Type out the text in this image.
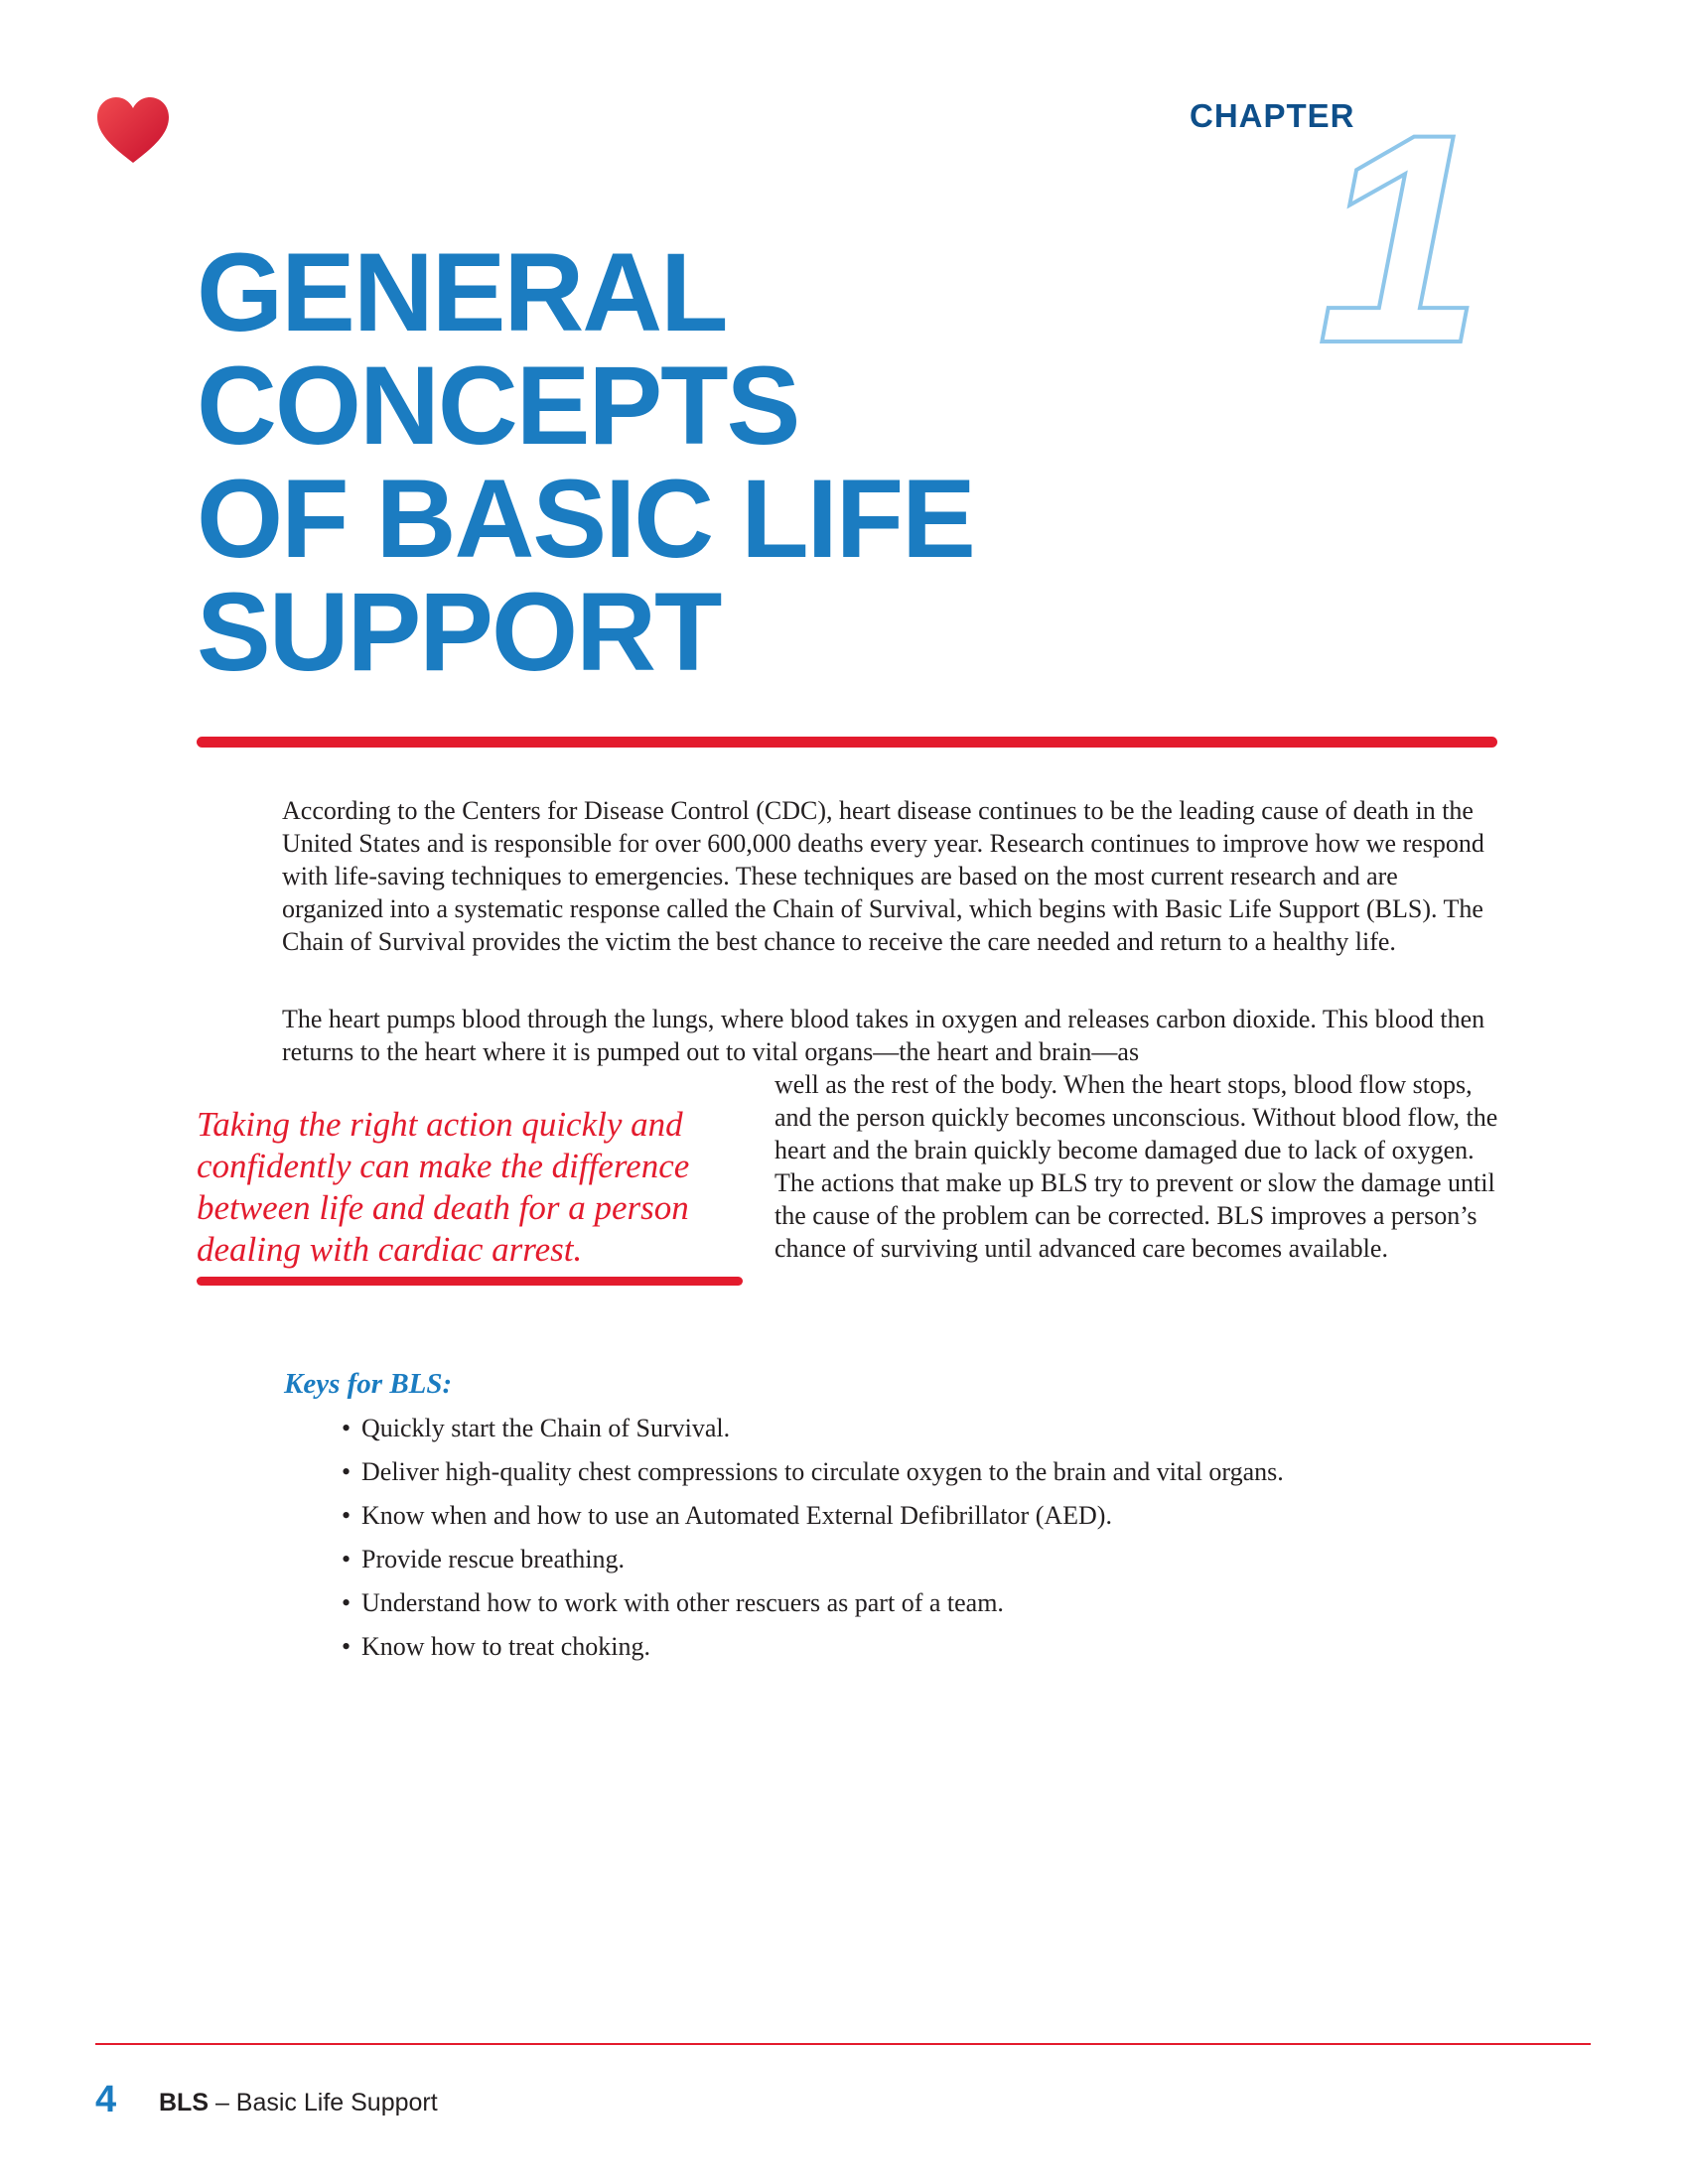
CHAPTER
1
GENERAL
CONCEPTS
OF BASIC LIFE
SUPPORT

According to the Centers for Disease Control (CDC), heart disease continues to be the leading cause of death in the United States and is responsible for over 600,000 deaths every year. Research continues to improve how we respond with life-saving techniques to emergencies. These techniques are based on the most current research and are organized into a systematic response called the Chain of Survival, which begins with Basic Life Support (BLS). The Chain of Survival provides the victim the best chance to receive the care needed and return to a healthy life.

The heart pumps blood through the lungs, where blood takes in oxygen and releases carbon dioxide. This blood then returns to the heart where it is pumped out to vital organs—the heart and brain—as

well as the rest of the body. When the heart stops, blood flow stops, and the person quickly becomes unconscious. Without blood flow, the heart and the brain quickly become damaged due to lack of oxygen. The actions that make up BLS try to prevent or slow the damage until the cause of the problem can be corrected. BLS improves a person’s chance of surviving until advanced care becomes available.

Taking the right action quickly and confidently can make the difference between life and death for a person dealing with cardiac arrest.

Keys for BLS:
• Quickly start the Chain of Survival.
• Deliver high-quality chest compressions to circulate oxygen to the brain and vital organs.
• Know when and how to use an Automated External Defibrillator (AED).
• Provide rescue breathing.
• Understand how to work with other rescuers as part of a team.
• Know how to treat choking.
4 BLS – Basic Life Support
